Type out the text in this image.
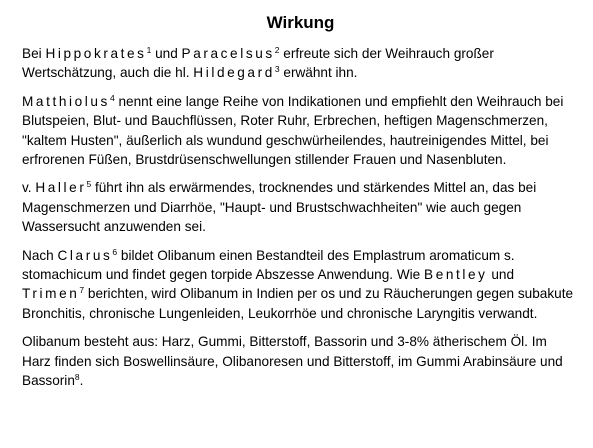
Wirkung

Bei Hippokrates$^1$ und Paracelsus$^2$ erfreute sich der Weihrauch großer Wertschätzung, auch die hl. Hildegard$^3$ erwähnt ihn.

Matthiolus$^4$ nennt eine lange Reihe von Indikationen und empfiehlt den Weihrauch bei Blutspeien, Blut- und Bauchflüssen, Roter Ruhr, Erbrechen, heftigen Magenschmerzen, "kaltem Husten", äußerlich als wundund geschwürheilendes, hautreinigendes Mittel, bei erfrorenen Füßen, Brustdrüsenschwellungen stillender Frauen und Nasenbluten.

v. Haller$^5$ führt ihn als erwärmendes, trocknendes und stärkendes Mittel an, das bei Magenschmerzen und Diarrhöe, "Haupt- und Brustschwachheiten" wie auch gegen Wassersucht anzuwenden sei.

Nach Clarus$^6$ bildet Olibanum einen Bestandteil des Emplastrum aromaticum s. stomachicum und findet gegen torpide Abszesse Anwendung. Wie Bentley und Trimen$^7$ berichten, wird Olibanum in Indien per os und zu Räucherungen gegen subakute Bronchitis, chronische Lungenleiden, Leukorrhöe und chronische Laryngitis verwandt.

Olibanum besteht aus: Harz, Gummi, Bitterstoff, Bassorin und 3-8% ätherischem Öl. Im Harz finden sich Boswellinsäure, Olibanoresen und Bitterstoff, im Gummi Arabinsäure und Bassorin$^8$.
